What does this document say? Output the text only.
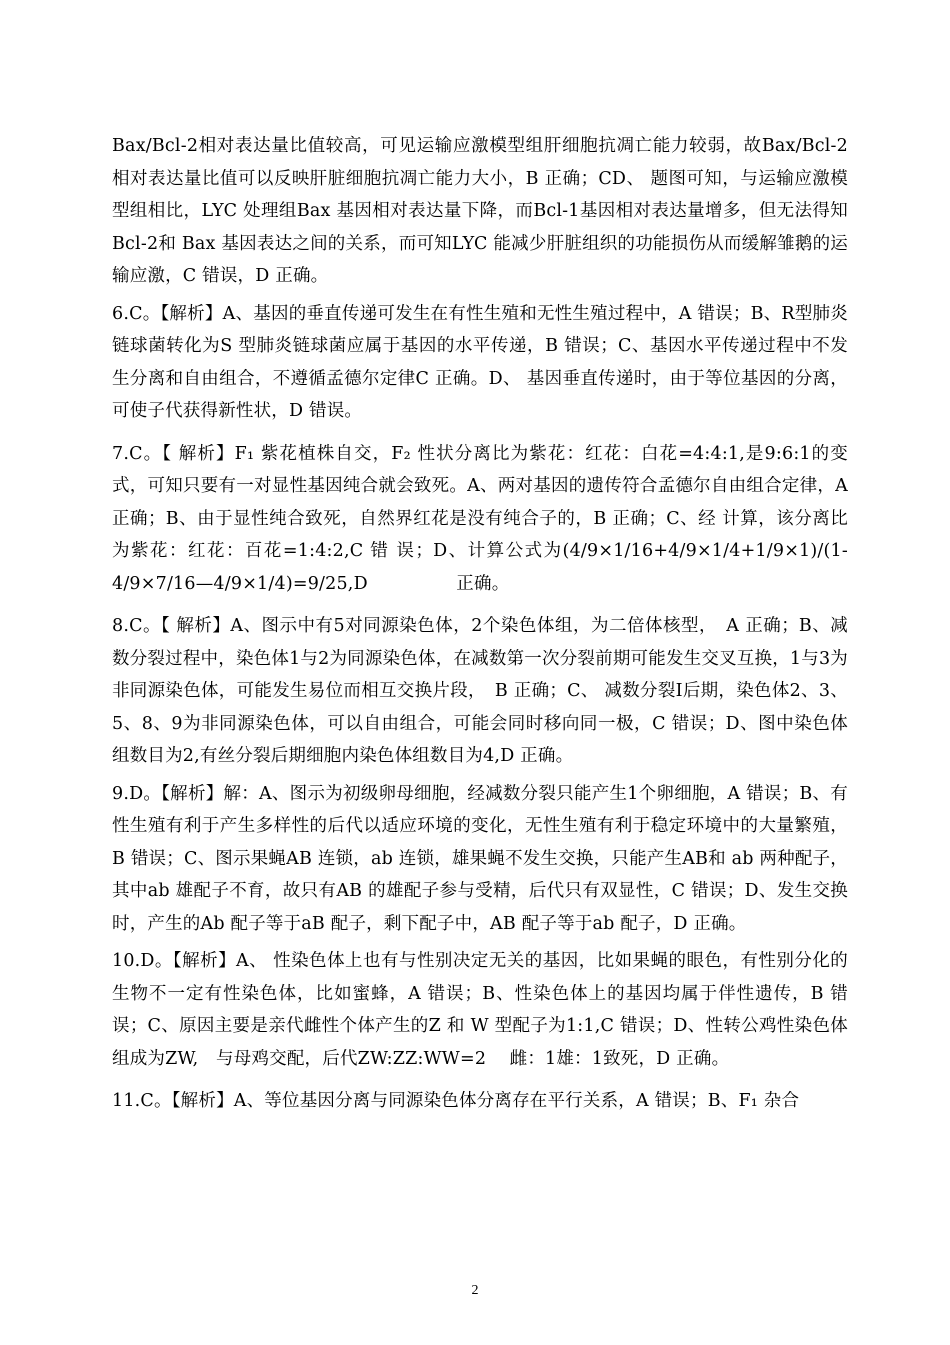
Bax/Bcl-2相对表达量比值较高，可见运输应激模型组肝细胞抗凋亡能力较弱，故Bax/Bcl-2相对表达量比值可以反映肝脏细胞抗凋亡能力大小，B 正确；CD、 题图可知，与运输应激模型组相比，LYC 处理组Bax 基因相对表达量下降，而Bcl-1基因相对表达量增多，但无法得知Bcl-2和 Bax 基因表达之间的关系，而可知LYC 能减少肝脏组织的功能损伤从而缓解雏鹅的运输应激，C 错误，D 正确。

6.C。【解析】A、基因的垂直传递可发生在有性生殖和无性生殖过程中，A 错误；B、R型肺炎链球菌转化为S 型肺炎链球菌应属于基因的水平传递，B 错误；C、基因水平传递过程中不发生分离和自由组合，不遵循孟德尔定律C 正确。D、 基因垂直传递时，由于等位基因的分离，可使子代获得新性状，D 错误。

7.C。【 解析】F₁ 紫花植株自交，F₂ 性状分离比为紫花：红花：白花=4:4:1,是9:6:1的变式，可知只要有一对显性基因纯合就会致死。A、两对基因的遗传符合孟德尔自由组合定律，A 正确；B、由于显性纯合致死，自然界红花是没有纯合子的，B 正确；C、经 计算，该分离比为紫花：红花：百花=1:4:2,C 错 误；D、计算公式为(4/9×1/16+4/9×1/4+1/9×1)/(1-4/9×7/16—4/9×1/4)=9/25,D　　　　　正确。

8.C。【 解析】A、图示中有5对同源染色体，2个染色体组，为二倍体核型，　A 正确；B、减数分裂过程中，染色体1与2为同源染色体，在减数第一次分裂前期可能发生交叉互换，1与3为非同源染色体，可能发生易位而相互交换片段，　B 正确；C、 减数分裂I后期，染色体2、3、5、8、9为非同源染色体，可以自由组合，可能会同时移向同一极，C 错误；D、图中染色体组数目为2,有丝分裂后期细胞内染色体组数目为4,D 正确。

9.D。【解析】解：A、图示为初级卵母细胞，经减数分裂只能产生1个卵细胞，A 错误；B、有性生殖有利于产生多样性的后代以适应环境的变化，无性生殖有利于稳定环境中的大量繁殖，B 错误；C、图示果蝇AB 连锁，ab 连锁，雄果蝇不发生交换，只能产生AB和 ab 两种配子，其中ab 雄配子不育，故只有AB 的雄配子参与受精，后代只有双显性，C 错误；D、发生交换时，产生的Ab 配子等于aB 配子，剩下配子中，AB 配子等于ab 配子，D 正确。

10.D。【解析】A、 性染色体上也有与性别决定无关的基因，比如果蝇的眼色，有性别分化的生物不一定有性染色体，比如蜜蜂，A 错误；B、性染色体上的基因均属于伴性遗传，B 错误；C、原因主要是亲代雌性个体产生的Z 和 W 型配子为1:1,C 错误；D、性转公鸡性染色体组成为ZW,　与母鸡交配，后代ZW:ZZ:WW=2　 雌：1雄：1致死，D 正确。

11.C。【解析】A、等位基因分离与同源染色体分离存在平行关系，A 错误；B、F₁ 杂合

2
